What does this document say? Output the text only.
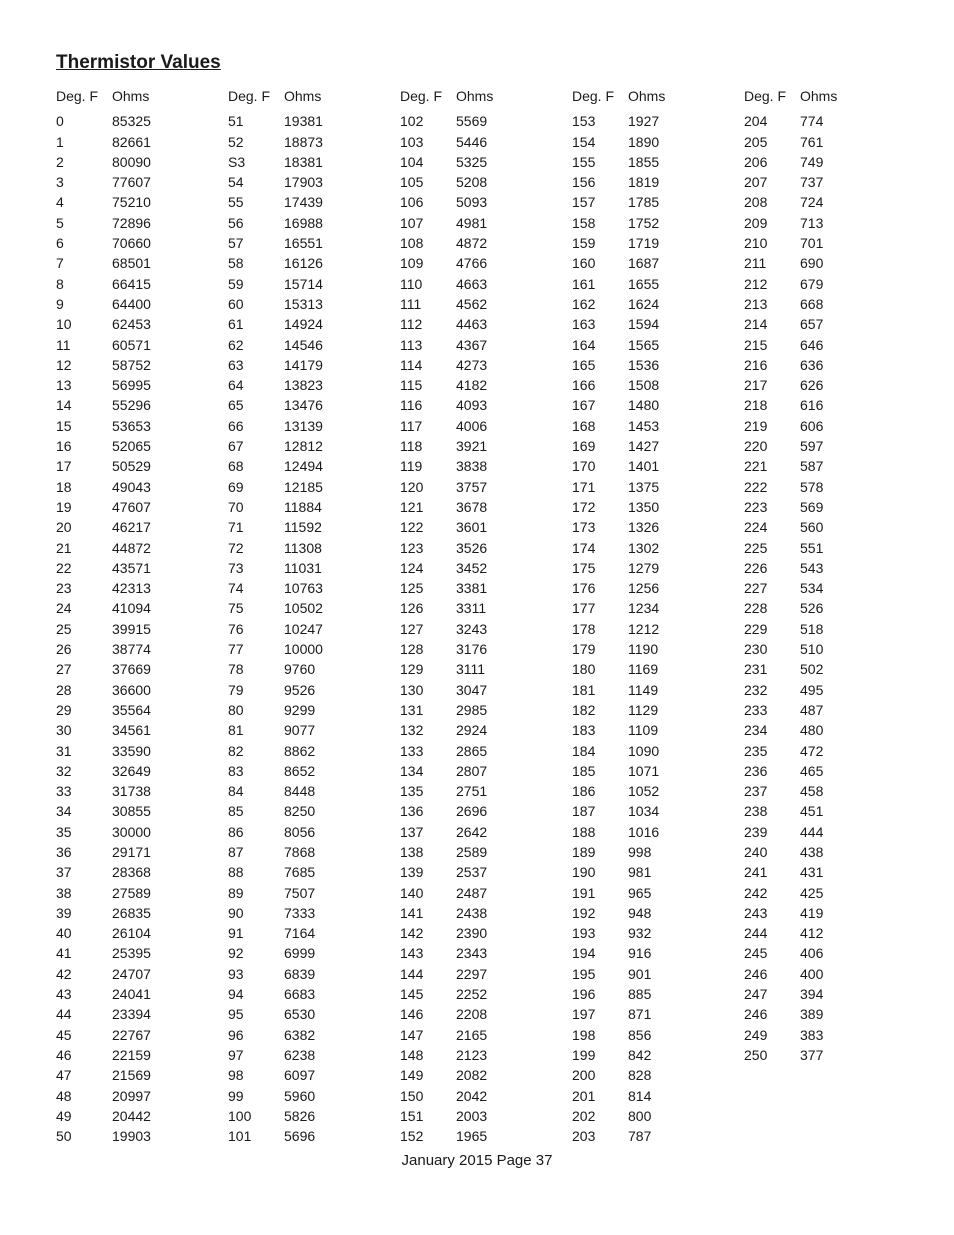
Thermistor Values
Deg. F Ohms
0	85325
1	82661
2	80090
3	77607
4	75210
5	72896
6	70660
7	68501
8	66415
9	64400
10	62453
11	60571
12	58752
13	56995
14	55296
15	53653
16	52065
17	50529
18	49043
19	47607
20	46217
21	44872
22	43571
23	42313
24	41094
25	39915
26	38774
27	37669
28	36600
29	35564
30	34561
31	33590
32	32649
33	31738
34	30855
35	30000
36	29171
37	28368
38	27589
39	26835
40	26104
41	25395
42	24707
43	24041
44	23394
45	22767
46	22159
47	21569
48	20997
49	20442
50	19903
Deg. F Ohms
51	19381
52	18873
S3	18381
54	17903
55	17439
56	16988
57	16551
58	16126
59	15714
60	15313
61	14924
62	14546
63	14179
64	13823
65	13476
66	13139
67	12812
68	12494
69	12185
70	11884
71	11592
72	11308
73	11031
74	10763
75	10502
76	10247
77	10000
78	9760
79	9526
80	9299
81	9077
82	8862
83	8652
84	8448
85	8250
86	8056
87	7868
88	7685
89	7507
90	7333
91	7164
92	6999
93	6839
94	6683
95	6530
96	6382
97	6238
98	6097
99	5960
100	5826
101	5696
Deg. F Ohms
102	5569
103	5446
104	5325
105	5208
106	5093
107	4981
108	4872
109	4766
110	4663
111	4562
112	4463
113	4367
114	4273
115	4182
116	4093
117	4006
118	3921
119	3838
120	3757
121	3678
122	3601
123	3526
124	3452
125	3381
126	3311
127	3243
128	3176
129	3111
130	3047
131	2985
132	2924
133	2865
134	2807
135	2751
136	2696
137	2642
138	2589
139	2537
140	2487
141	2438
142	2390
143	2343
144	2297
145	2252
146	2208
147	2165
148	2123
149	2082
150	2042
151	2003
152	1965
Deg. F Ohms
153	1927
154	1890
155	1855
156	1819
157	1785
158	1752
159	1719
160	1687
161	1655
162	1624
163	1594
164	1565
165	1536
166	1508
167	1480
168	1453
169	1427
170	1401
171	1375
172	1350
173	1326
174	1302
175	1279
176	1256
177	1234
178	1212
179	1190
180	1169
181	1149
182	1129
183	1109
184	1090
185	1071
186	1052
187	1034
188	1016
189	998
190	981
191	965
192	948
193	932
194	916
195	901
196	885
197	871
198	856
199	842
200	828
201	814
202	800
203	787
Deg. F Ohms
204	774
205	761
206	749
207	737
208	724
209	713
210	701
211	690
212	679
213	668
214	657
215	646
216	636
217	626
218	616
219	606
220	597
221	587
222	578
223	569
224	560
225	551
226	543
227	534
228	526
229	518
230	510
231	502
232	495
233	487
234	480
235	472
236	465
237	458
238	451
239	444
240	438
241	431
242	425
243	419
244	412
245	406
246	400
247	394
246	389
249	383
250	377
January 2015 Page 37
